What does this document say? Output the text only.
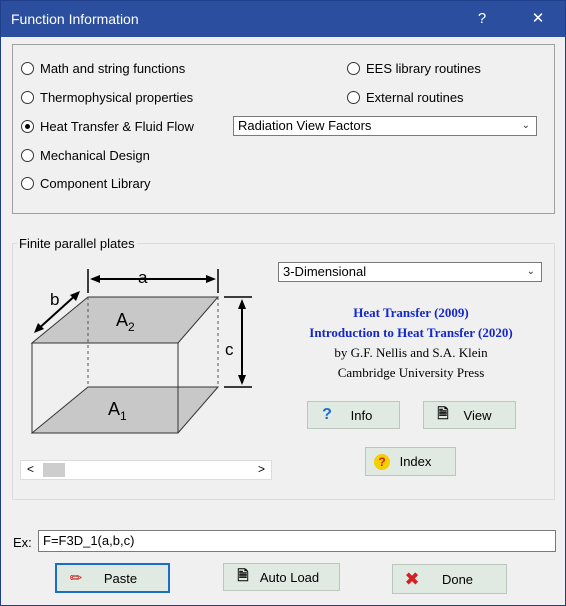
Function Information	?	✕
Math and string functions
Thermophysical properties
Heat Transfer & Fluid Flow
Mechanical Design
Component Library
EES library routines
External routines
Radiation View Factors	⌄
Finite parallel plates
a
b
c
$A_2$
$A_1$
<	>
3-Dimensional	⌄
Heat Transfer (2009)
Introduction to Heat Transfer (2020)
by G.F. Nellis and S.A. Klein
Cambridge University Press
?	Info	🗎	View
?	Index
Ex: F=F3D_1(a,b,c)
✏	Paste	🗎 Auto Load	✖	Done
